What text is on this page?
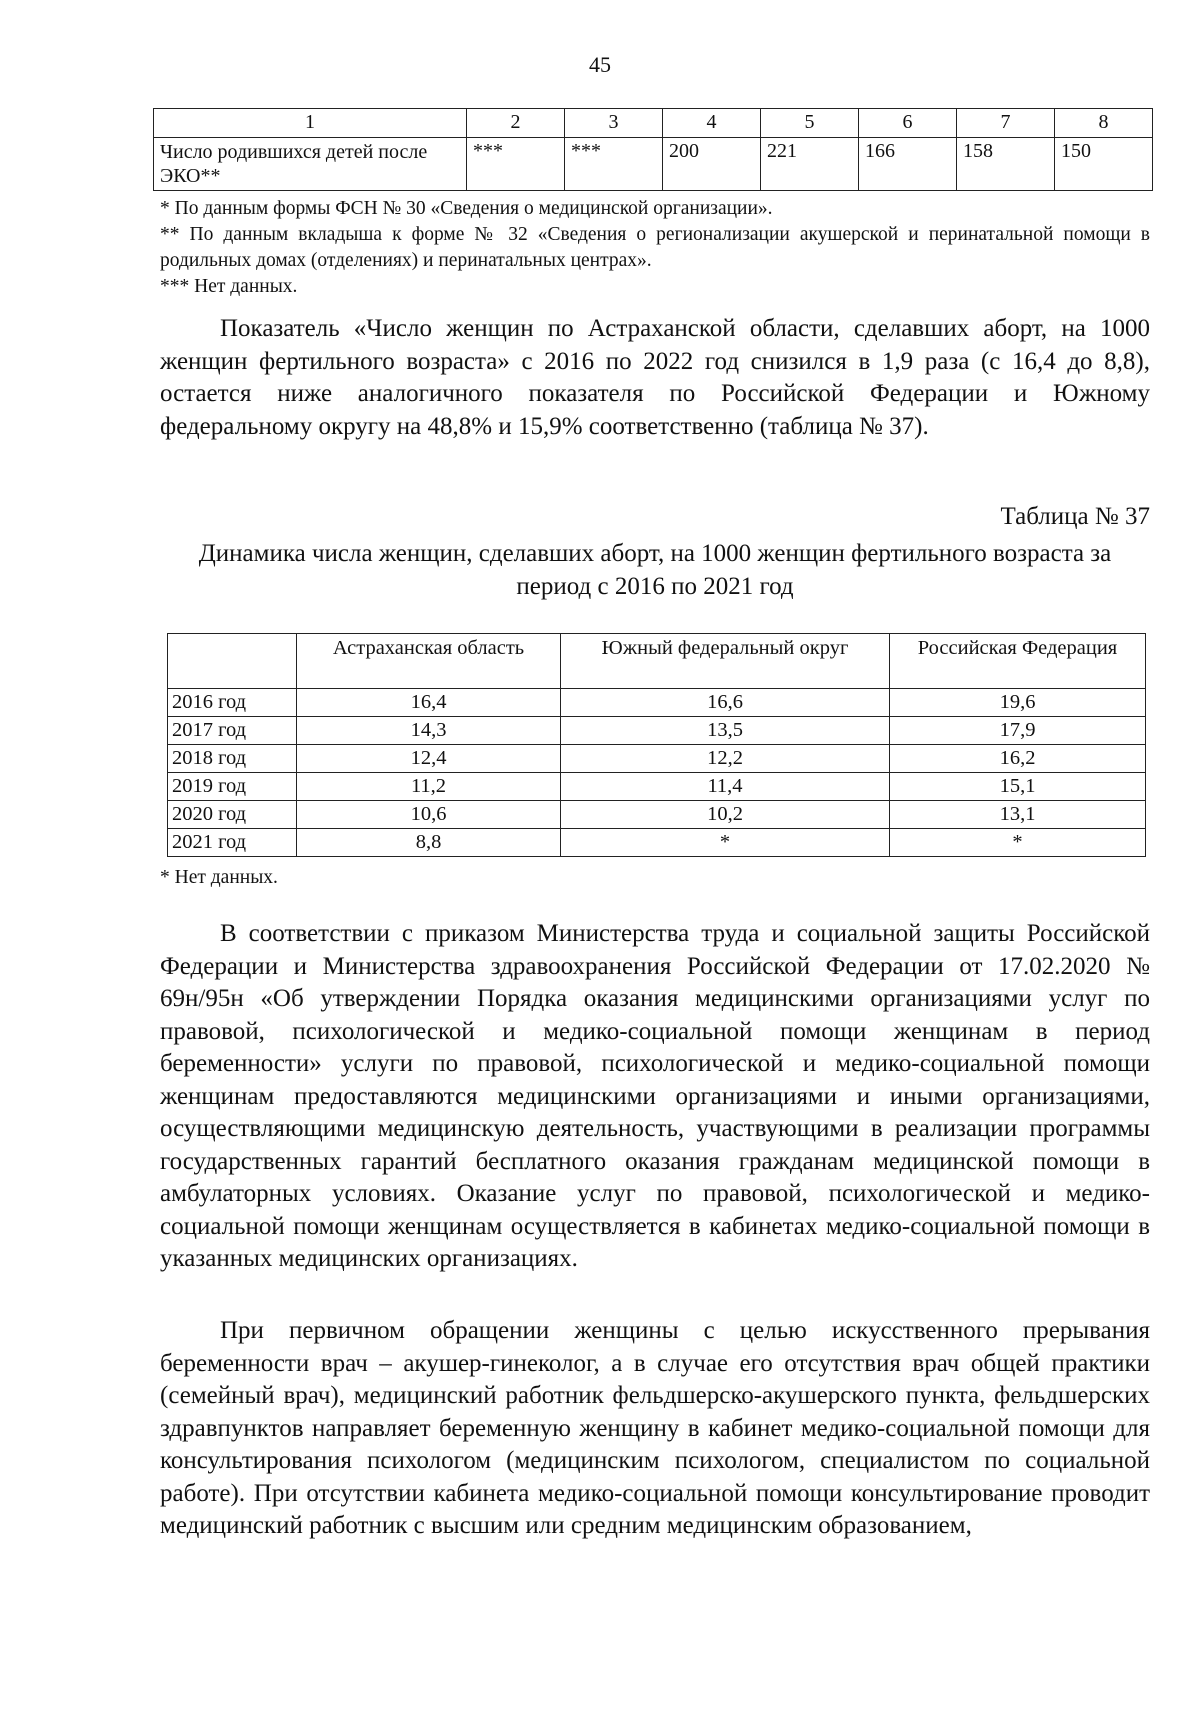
45
1	2	3	4	5	6	7	8
Число родившихся детей после ЭКО**	***	***	200	221	166	158	150
* По данным формы ФСН № 30 «Сведения о медицинской организации».
** По данным вкладыша к форме № 32 «Сведения о регионализации акушерской и перинатальной помощи в родильных домах (отделениях) и перинатальных центрах».
*** Нет данных.

Показатель «Число женщин по Астраханской области, сделавших аборт, на 1000 женщин фертильного возраста» с 2016 по 2022 год снизился в 1,9 раза (с 16,4 до 8,8), остается ниже аналогичного показателя по Российской Федерации и Южному федеральному округу на 48,8% и 15,9% соответственно (таблица № 37).

Таблица № 37
Динамика числа женщин, сделавших аборт, на 1000 женщин фертильного возраста за период с 2016 по 2021 год
	Астраханская область	Южный федеральный округ	Российская Федерация
2016 год	16,4	16,6	19,6
2017 год	14,3	13,5	17,9
2018 год	12,4	12,2	16,2
2019 год	11,2	11,4	15,1
2020 год	10,6	10,2	13,1
2021 год	8,8	*	*
* Нет данных.

В соответствии с приказом Министерства труда и социальной защиты Российской Федерации и Министерства здравоохранения Российской Федерации от 17.02.2020 № 69н/95н «Об утверждении Порядка оказания медицинскими организациями услуг по правовой, психологической и медико-социальной помощи женщинам в период беременности» услуги по правовой, психологической и медико-социальной помощи женщинам предоставляются медицинскими организациями и иными организациями, осуществляющими медицинскую деятельность, участвующими в реализации программы государственных гарантий бесплатного оказания гражданам медицинской помощи в амбулаторных условиях. Оказание услуг по правовой, психологической и медико-социальной помощи женщинам осуществляется в кабинетах медико-социальной помощи в указанных медицинских организациях.

При первичном обращении женщины с целью искусственного прерывания беременности врач – акушер-гинеколог, а в случае его отсутствия врач общей практики (семейный врач), медицинский работник фельдшерско-акушерского пункта, фельдшерских здравпунктов направляет беременную женщину в кабинет медико-социальной помощи для консультирования психологом (медицинским психологом, специалистом по социальной работе). При отсутствии кабинета медико-социальной помощи консультирование проводит медицинский работник с высшим или средним медицинским образованием,
